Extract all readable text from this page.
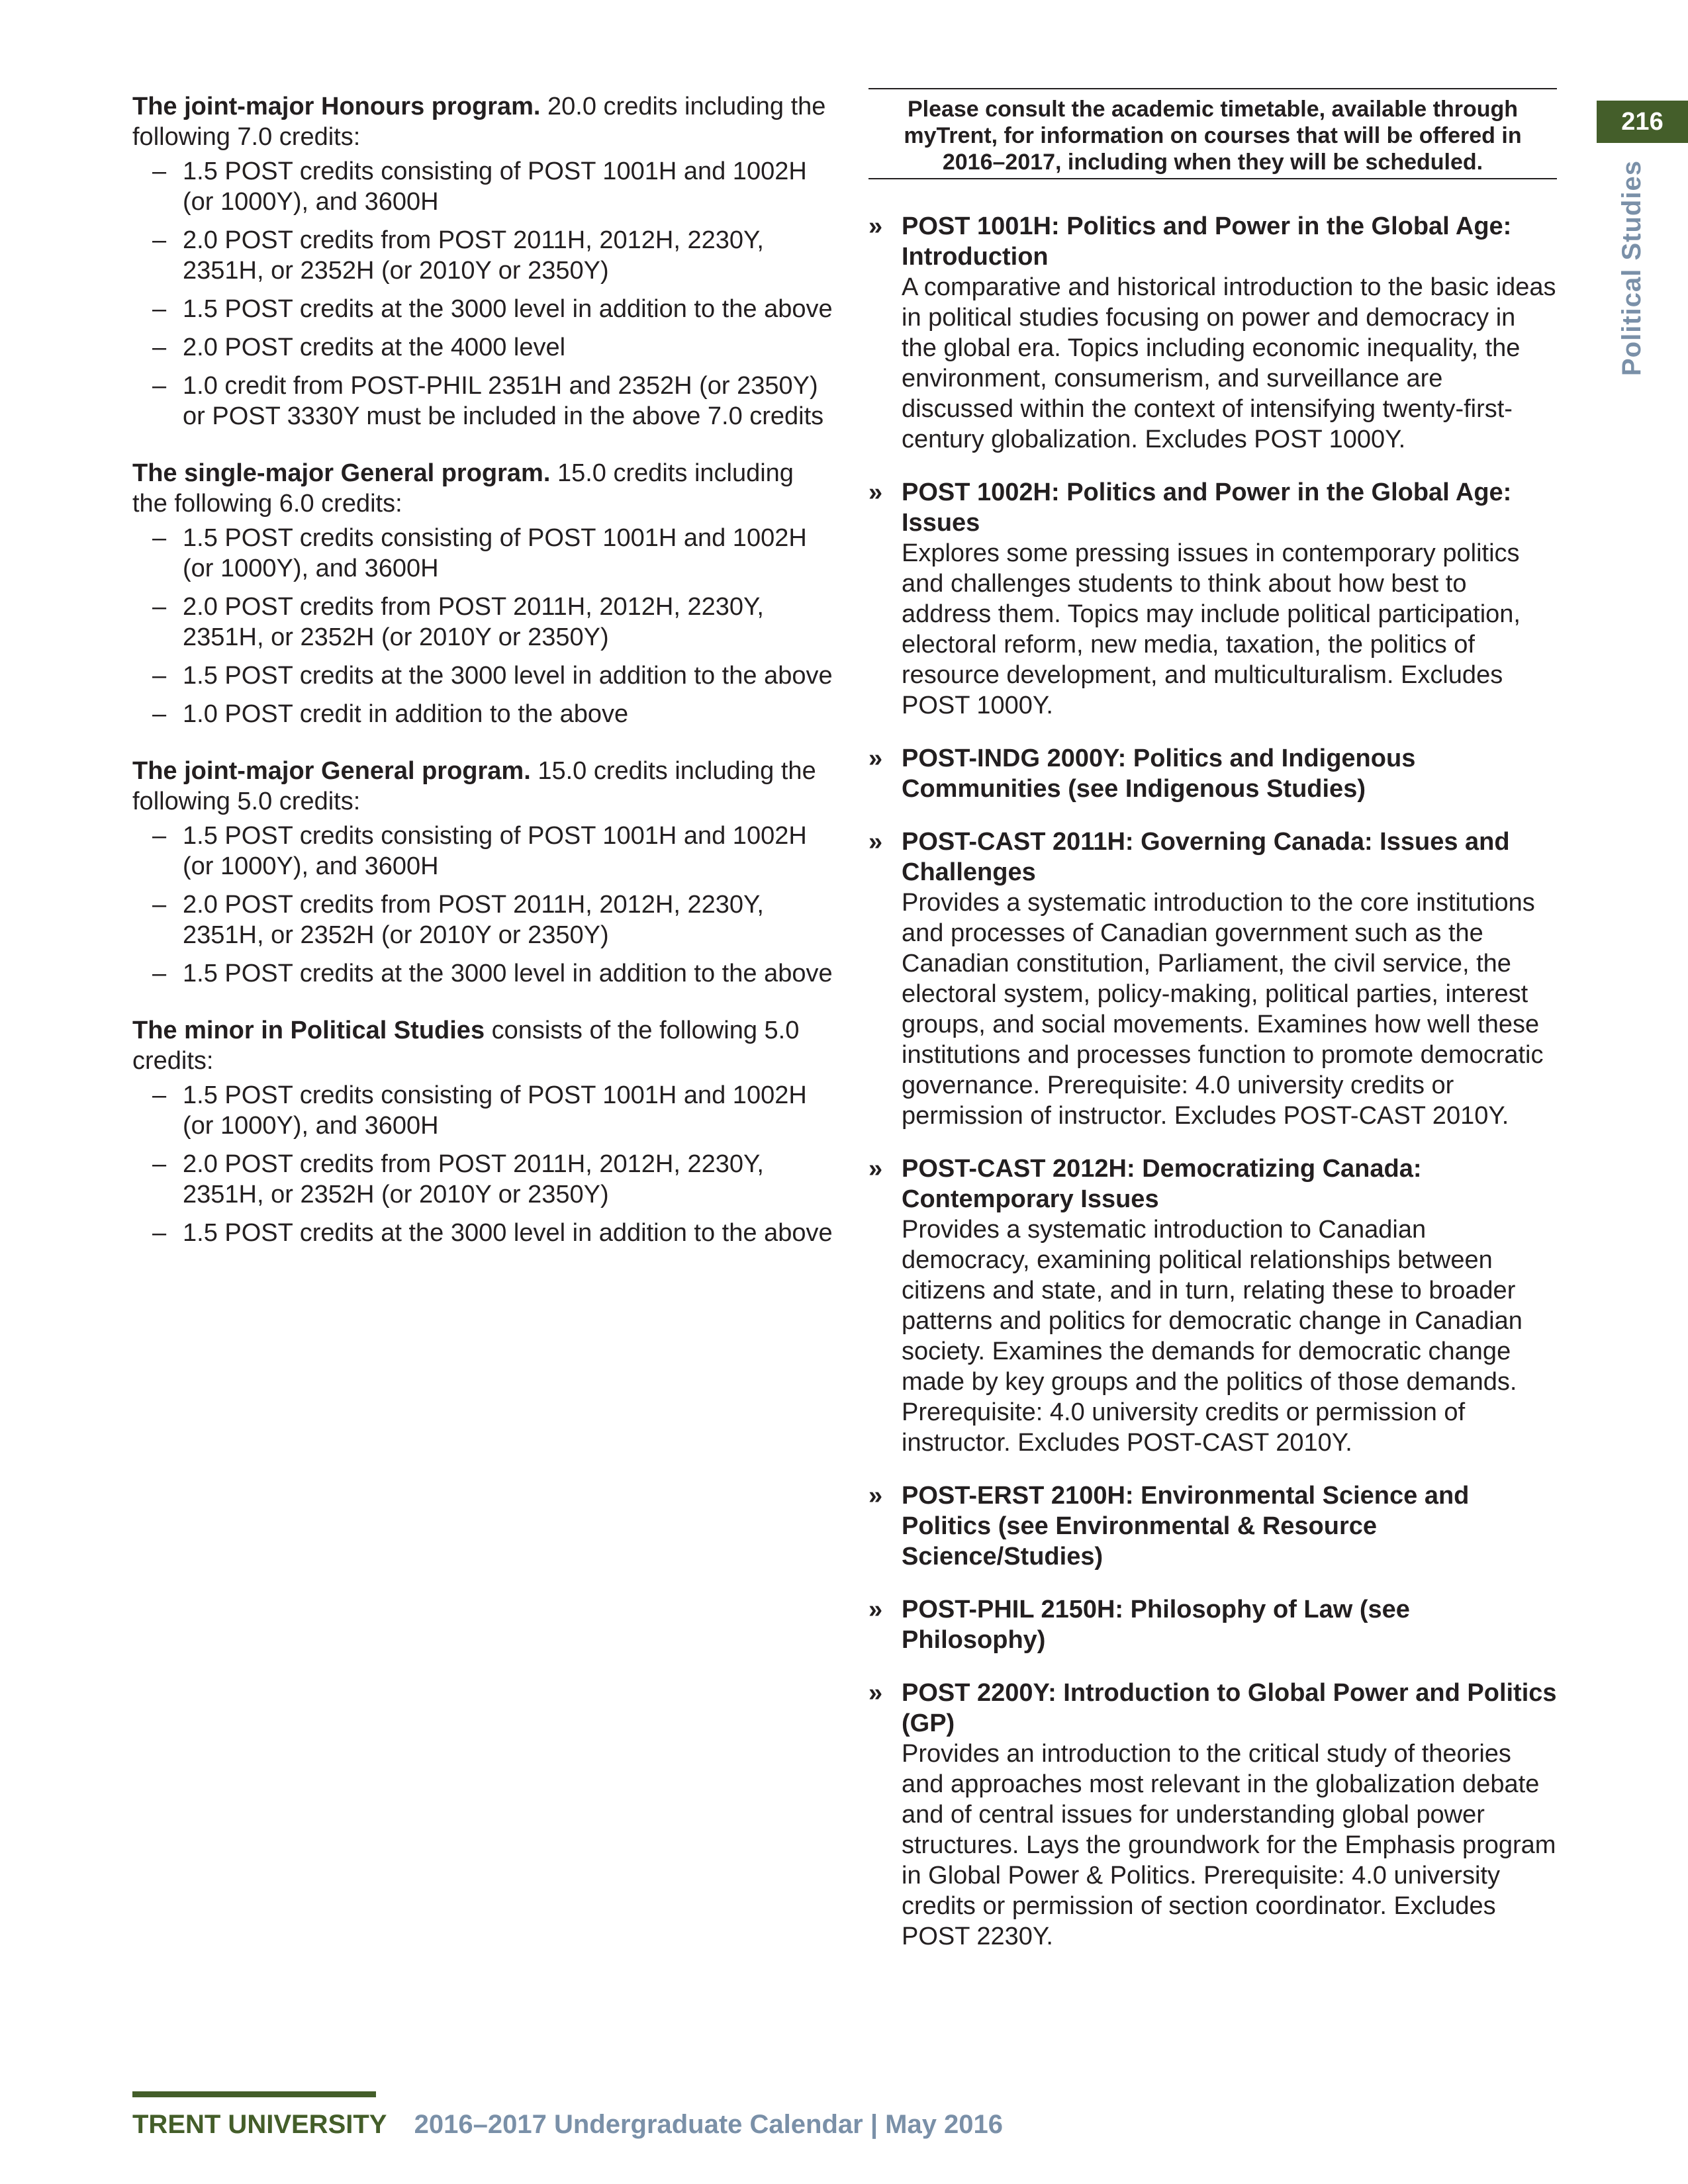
The joint-major Honours program. 20.0 credits including the following 7.0 credits:

– 1.5 POST credits consisting of POST 1001H and 1002H (or 1000Y), and 3600H
– 2.0 POST credits from POST 2011H, 2012H, 2230Y, 2351H, or 2352H (or 2010Y or 2350Y)
– 1.5 POST credits at the 3000 level in addition to the above
– 2.0 POST credits at the 4000 level
– 1.0 credit from POST-PHIL 2351H and 2352H (or 2350Y) or POST 3330Y must be included in the above 7.0 credits

The single-major General program. 15.0 credits including the following 6.0 credits:

– 1.5 POST credits consisting of POST 1001H and 1002H (or 1000Y), and 3600H
– 2.0 POST credits from POST 2011H, 2012H, 2230Y, 2351H, or 2352H (or 2010Y or 2350Y)
– 1.5 POST credits at the 3000 level in addition to the above
– 1.0 POST credit in addition to the above

The joint-major General program. 15.0 credits including the following 5.0 credits:

– 1.5 POST credits consisting of POST 1001H and 1002H (or 1000Y), and 3600H
– 2.0 POST credits from POST 2011H, 2012H, 2230Y, 2351H, or 2352H (or 2010Y or 2350Y)
– 1.5 POST credits at the 3000 level in addition to the above

The minor in Political Studies consists of the following 5.0 credits:

– 1.5 POST credits consisting of POST 1001H and 1002H (or 1000Y), and 3600H
– 2.0 POST credits from POST 2011H, 2012H, 2230Y, 2351H, or 2352H (or 2010Y or 2350Y)
– 1.5 POST credits at the 3000 level in addition to the above
Please consult the academic timetable, available through myTrent, for information on courses that will be offered in 2016–2017, including when they will be scheduled.
» POST 1001H: Politics and Power in the Global Age: Introduction
A comparative and historical introduction to the basic ideas in political studies focusing on power and democracy in the global era. Topics including economic inequality, the environment, consumerism, and surveillance are discussed within the context of intensifying twenty-first-century globalization. Excludes POST 1000Y.
» POST 1002H: Politics and Power in the Global Age: Issues
Explores some pressing issues in contemporary politics and challenges students to think about how best to address them. Topics may include political participation, electoral reform, new media, taxation, the politics of resource development, and multiculturalism. Excludes POST 1000Y.
» POST-INDG 2000Y: Politics and Indigenous Communities (see Indigenous Studies)
» POST-CAST 2011H: Governing Canada: Issues and Challenges
Provides a systematic introduction to the core institutions and processes of Canadian government such as the Canadian constitution, Parliament, the civil service, the electoral system, policy-making, political parties, interest groups, and social movements. Examines how well these institutions and processes function to promote democratic governance. Prerequisite: 4.0 university credits or permission of instructor. Excludes POST-CAST 2010Y.
» POST-CAST 2012H: Democratizing Canada: Contemporary Issues
Provides a systematic introduction to Canadian democracy, examining political relationships between citizens and state, and in turn, relating these to broader patterns and politics for democratic change in Canadian society. Examines the demands for democratic change made by key groups and the politics of those demands. Prerequisite: 4.0 university credits or permission of instructor. Excludes POST-CAST 2010Y.
» POST-ERST 2100H: Environmental Science and Politics (see Environmental & Resource Science/Studies)
» POST-PHIL 2150H: Philosophy of Law (see Philosophy)
» POST 2200Y: Introduction to Global Power and Politics (GP)
Provides an introduction to the critical study of theories and approaches most relevant in the globalization debate and of central issues for understanding global power structures. Lays the groundwork for the Emphasis program in Global Power & Politics. Prerequisite: 4.0 university credits or permission of section coordinator. Excludes POST 2230Y.
216
Political Studies
TRENT UNIVERSITY 2016–2017 Undergraduate Calendar | May 2016
